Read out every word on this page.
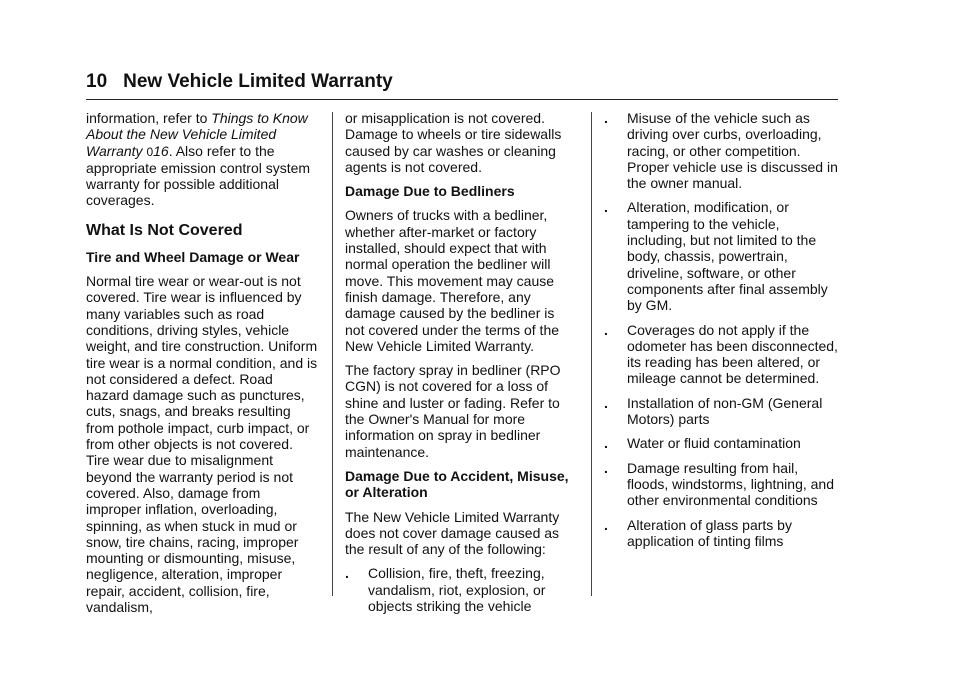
10 New Vehicle Limited Warranty

information, refer to Things to Know About the New Vehicle Limited Warranty 016. Also refer to the appropriate emission control system warranty for possible additional coverages.

What Is Not Covered

Tire and Wheel Damage or Wear

Normal tire wear or wear-out is not covered. Tire wear is influenced by many variables such as road conditions, driving styles, vehicle weight, and tire construction. Uniform tire wear is a normal condition, and is not considered a defect. Road hazard damage such as punctures, cuts, snags, and breaks resulting from pothole impact, curb impact, or from other objects is not covered. Tire wear due to misalignment beyond the warranty period is not covered. Also, damage from improper inflation, overloading, spinning, as when stuck in mud or snow, tire chains, racing, improper mounting or dismounting, misuse, negligence, alteration, improper repair, accident, collision, fire, vandalism,

or misapplication is not covered. Damage to wheels or tire sidewalls caused by car washes or cleaning agents is not covered.

Damage Due to Bedliners

Owners of trucks with a bedliner, whether after-market or factory installed, should expect that with normal operation the bedliner will move. This movement may cause finish damage. Therefore, any damage caused by the bedliner is not covered under the terms of the New Vehicle Limited Warranty.

The factory spray in bedliner (RPO CGN) is not covered for a loss of shine and luster or fading. Refer to the Owner's Manual for more information on spray in bedliner maintenance.

Damage Due to Accident, Misuse, or Alteration

The New Vehicle Limited Warranty does not cover damage caused as the result of any of the following:

. Collision, fire, theft, freezing, vandalism, riot, explosion, or objects striking the vehicle
. Misuse of the vehicle such as driving over curbs, overloading, racing, or other competition. Proper vehicle use is discussed in the owner manual.
. Alteration, modification, or tampering to the vehicle, including, but not limited to the body, chassis, powertrain, driveline, software, or other components after final assembly by GM.
. Coverages do not apply if the odometer has been disconnected, its reading has been altered, or mileage cannot be determined.
. Installation of non-GM (General Motors) parts
. Water or fluid contamination
. Damage resulting from hail, floods, windstorms, lightning, and other environmental conditions
. Alteration of glass parts by application of tinting films
